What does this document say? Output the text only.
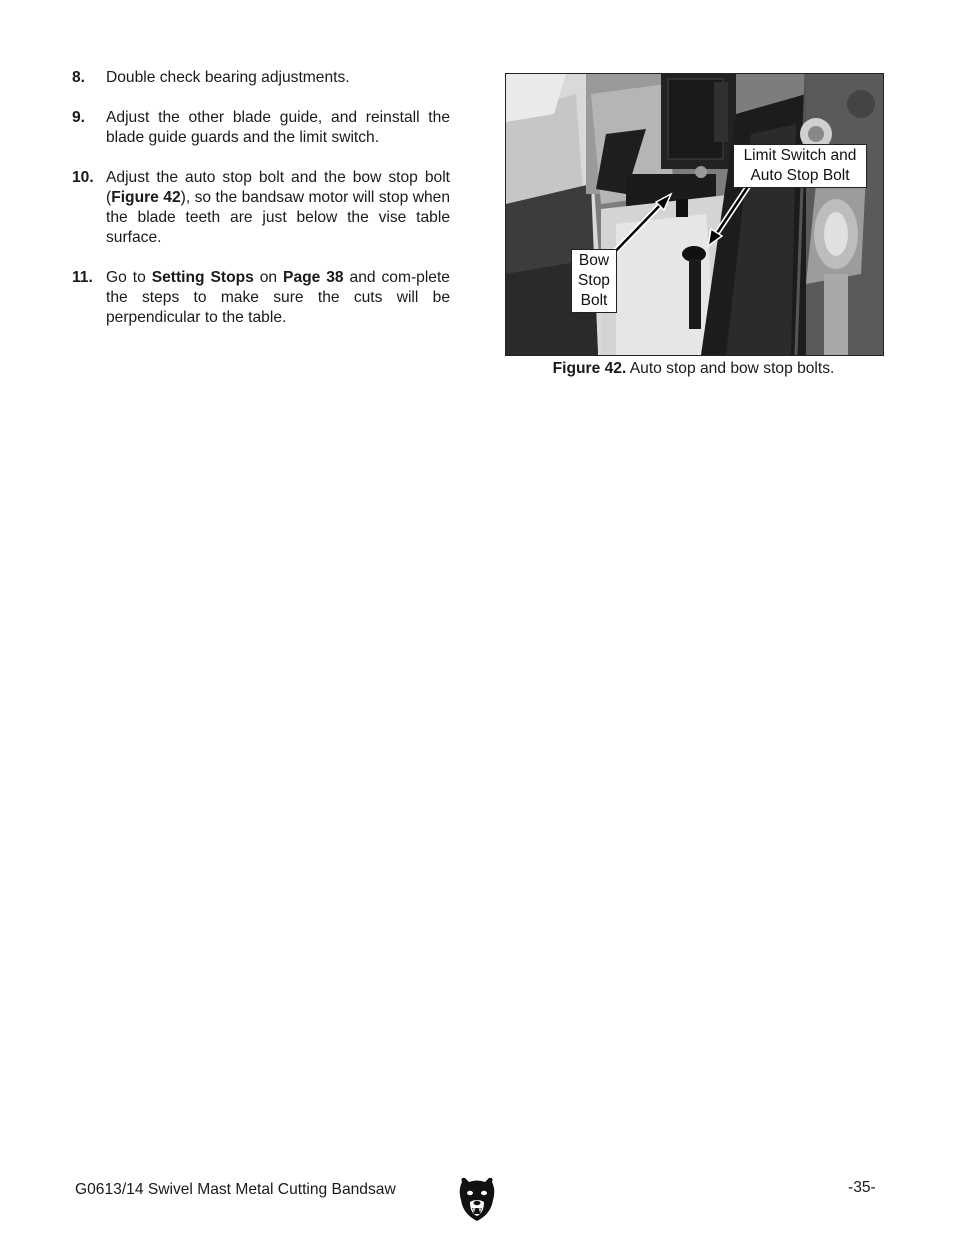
8.	Double check bearing adjustments.
9.	Adjust the other blade guide, and reinstall the blade guide guards and the limit switch.
10. Adjust the auto stop bolt and the bow stop bolt (Figure 42), so the bandsaw motor will stop when the blade teeth are just below the vise table surface.
11. Go to Setting Stops on Page 38 and com-plete the steps to make sure the cuts will be perpendicular to the table.
Limit Switch and
Auto Stop Bolt
Bow
Stop
Bolt
Figure 42. Auto stop and bow stop bolts.
G0613/14 Swivel Mast Metal Cutting Bandsaw	-35-
